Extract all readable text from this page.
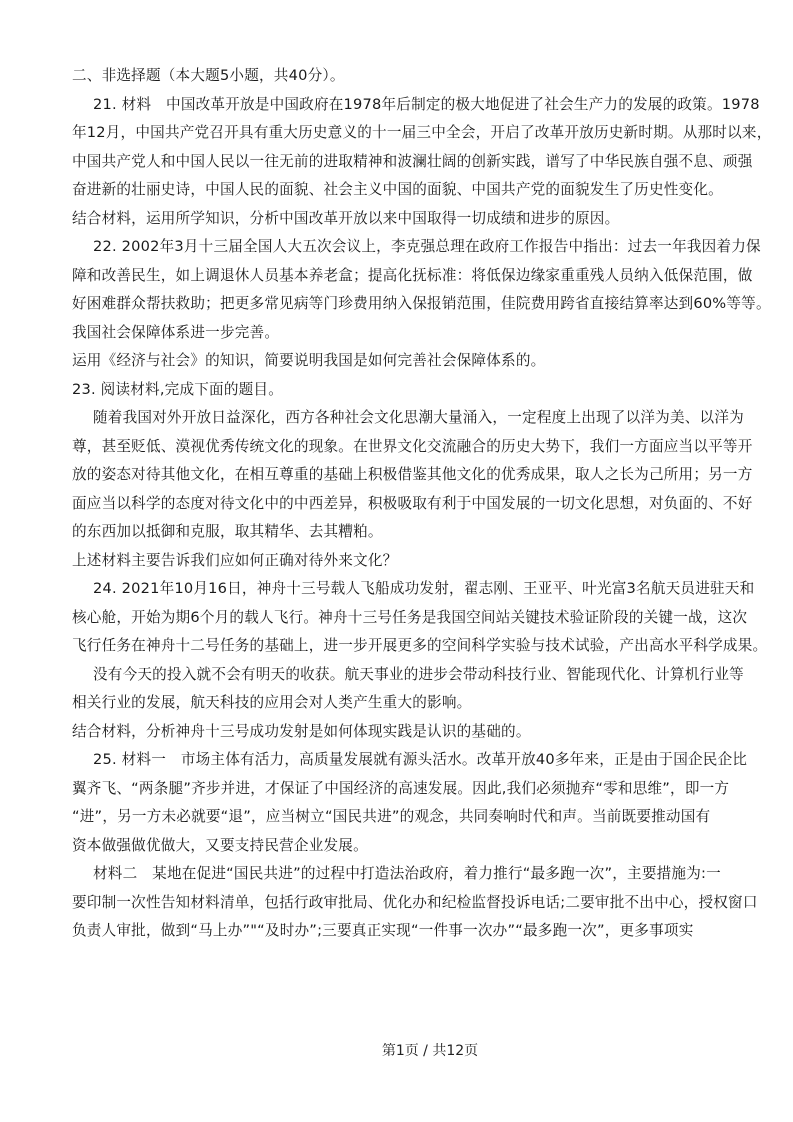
二、非选择题（本大题5小题，共40分）。
21. 材料　中国改革开放是中国政府在1978年后制定的极大地促进了社会生产力的发展的政策。1978
年12月，中国共产党召开具有重大历史意义的十一届三中全会，开启了改革开放历史新时期。从那时以来，
中国共产党人和中国人民以一往无前的进取精神和波澜壮阔的创新实践，谱写了中华民族自强不息、顽强
奋进新的壮丽史诗，中国人民的面貌、社会主义中国的面貌、中国共产党的面貌发生了历史性变化。
结合材料，运用所学知识，分析中国改革开放以来中国取得一切成绩和进步的原因。
22. 2002年3月十三届全国人大五次会议上，李克强总理在政府工作报告中指出：过去一年我因着力保
障和改善民生，如上调退休人员基本养老盒；提高化抚标准：将低保边缘家重重残人员纳入低保范围，做
好困难群众帮扶救助；把更多常见病等门珍费用纳入保报销范围，佳院费用跨省直接结算率达到60%等等。
我国社会保障体系进一步完善。
运用《经济与社会》的知识，简要说明我国是如何完善社会保障体系的。
23. 阅读材料,完成下面的题目。
随着我国对外开放日益深化，西方各种社会文化思潮大量涌入，一定程度上出现了以洋为美、以洋为
尊，甚至贬低、漠视优秀传统文化的现象。在世界文化交流融合的历史大势下，我们一方面应当以平等开
放的姿态对待其他文化，在相互尊重的基础上积极借鉴其他文化的优秀成果，取人之长为己所用；另一方
面应当以科学的态度对待文化中的中西差异，积极吸取有利于中国发展的一切文化思想，对负面的、不好
的东西加以抵御和克服，取其精华、去其糟粕。
上述材料主要告诉我们应如何正确对待外来文化？
24. 2021年10月16日，神舟十三号载人飞船成功发射，翟志刚、王亚平、叶光富3名航天员进驻天和
核心舱，开始为期6个月的载人飞行。神舟十三号任务是我国空间站关键技术验证阶段的关键一战，这次
飞行任务在神舟十二号任务的基础上，进一步开展更多的空间科学实验与技术试验，产出高水平科学成果。
没有今天的投入就不会有明天的收获。航天事业的进步会带动科技行业、智能现代化、计算机行业等
相关行业的发展，航天科技的应用会对人类产生重大的影响。
结合材料，分析神舟十三号成功发射是如何体现实践是认识的基础的。
25. 材料一　市场主体有活力，高质量发展就有源头活水。改革开放40多年来，正是由于国企民企比
翼齐飞、“两条腿”齐步并进，才保证了中国经济的高速发展。因此,我们必须抛弃“零和思维”，即一方
“进”，另一方未必就要“退”，应当树立“国民共进”的观念，共同奏响时代和声。当前既要推动国有
资本做强做优做大，又要支持民营企业发展。
材料二　某地在促进“国民共进”的过程中打造法治政府，着力推行“最多跑一次”，主要措施为:一
要印制一次性告知材料清单，包括行政审批局、优化办和纪检监督投诉电话;二要审批不出中心，授权窗口
负责人审批，做到“马上办”"“及时办”;三要真正实现“一件事一次办”“最多跑一次”，更多事项实
第1页 / 共12页
